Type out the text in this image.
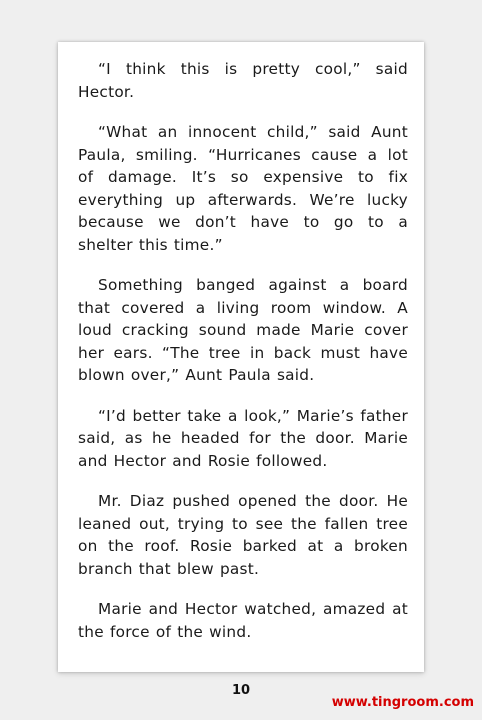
“I think this is pretty cool,” said Hector.

“What an innocent child,” said Aunt Paula, smiling. “Hurricanes cause a lot of damage. It’s so expensive to fix everything up afterwards. We’re lucky because we don’t have to go to a shelter this time.”

Something banged against a board that covered a living room window. A loud cracking sound made Marie cover her ears. “The tree in back must have blown over,” Aunt Paula said.

“I’d better take a look,” Marie’s father said, as he headed for the door. Marie and Hector and Rosie followed.

Mr. Diaz pushed opened the door. He leaned out, trying to see the fallen tree on the roof. Rosie barked at a broken branch that blew past.

Marie and Hector watched, amazed at the force of the wind.

10
www.tingroom.com
